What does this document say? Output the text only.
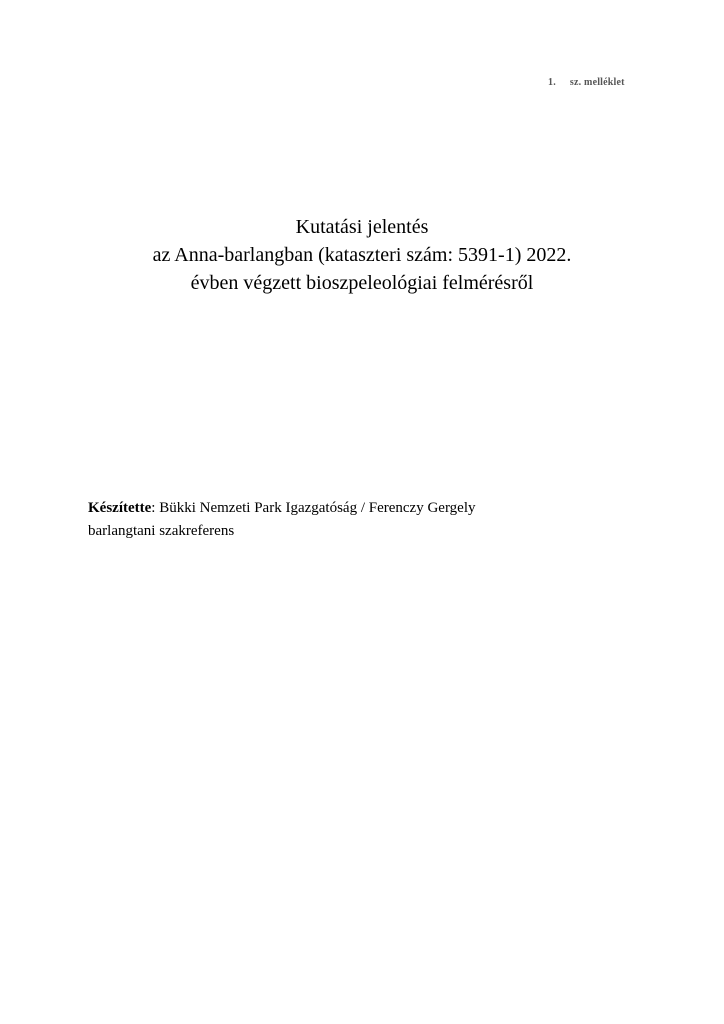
1. sz. melléklet
Kutatási jelentés
az Anna-barlangban (kataszteri szám: 5391-1) 2022.
évben végzett bioszpeleológiai felmérésről
Készítette: Bükki Nemzeti Park Igazgatóság / Ferenczy Gergely
barlangtani szakreferens
